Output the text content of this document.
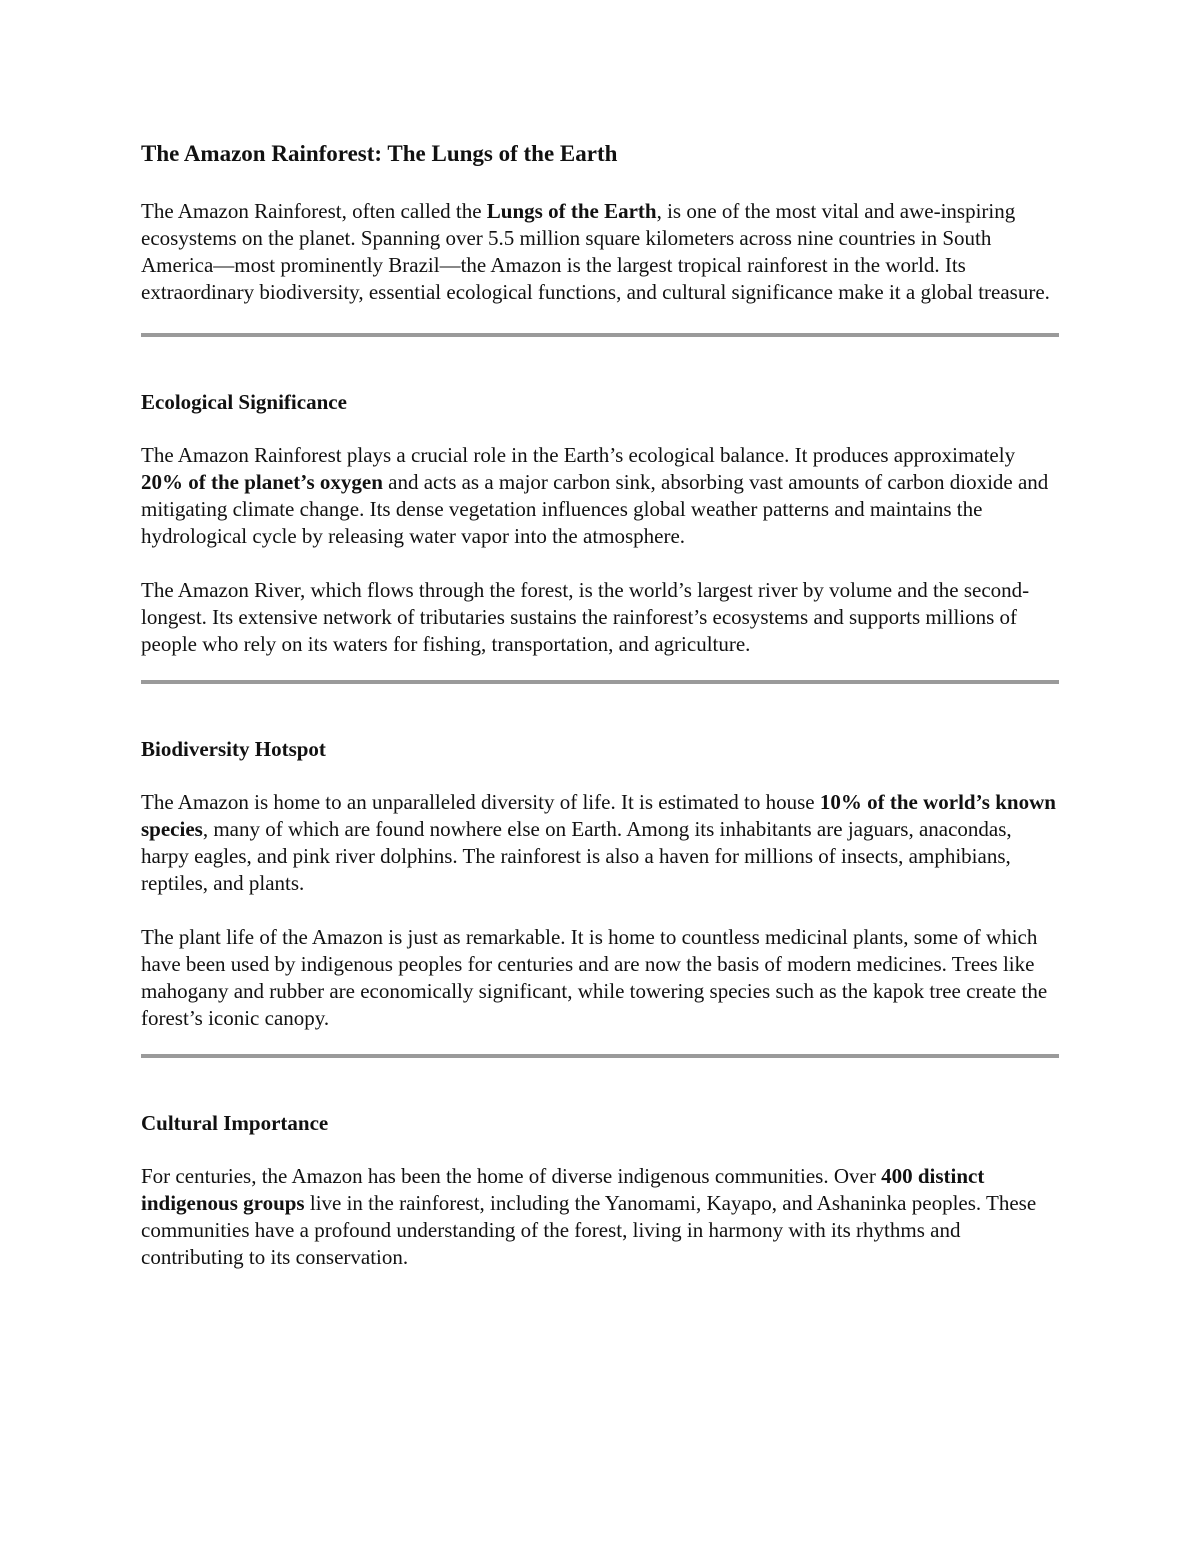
The Amazon Rainforest: The Lungs of the Earth

The Amazon Rainforest, often called the Lungs of the Earth, is one of the most vital and awe-inspiring ecosystems on the planet. Spanning over 5.5 million square kilometers across nine countries in South America—most prominently Brazil—the Amazon is the largest tropical rainforest in the world. Its extraordinary biodiversity, essential ecological functions, and cultural significance make it a global treasure.

Ecological Significance

The Amazon Rainforest plays a crucial role in the Earth’s ecological balance. It produces approximately 20% of the planet’s oxygen and acts as a major carbon sink, absorbing vast amounts of carbon dioxide and mitigating climate change. Its dense vegetation influences global weather patterns and maintains the hydrological cycle by releasing water vapor into the atmosphere.

The Amazon River, which flows through the forest, is the world’s largest river by volume and the second-longest. Its extensive network of tributaries sustains the rainforest’s ecosystems and supports millions of people who rely on its waters for fishing, transportation, and agriculture.

Biodiversity Hotspot

The Amazon is home to an unparalleled diversity of life. It is estimated to house 10% of the world’s known species, many of which are found nowhere else on Earth. Among its inhabitants are jaguars, anacondas, harpy eagles, and pink river dolphins. The rainforest is also a haven for millions of insects, amphibians, reptiles, and plants.

The plant life of the Amazon is just as remarkable. It is home to countless medicinal plants, some of which have been used by indigenous peoples for centuries and are now the basis of modern medicines. Trees like mahogany and rubber are economically significant, while towering species such as the kapok tree create the forest’s iconic canopy.

Cultural Importance

For centuries, the Amazon has been the home of diverse indigenous communities. Over 400 distinct indigenous groups live in the rainforest, including the Yanomami, Kayapo, and Ashaninka peoples. These communities have a profound understanding of the forest, living in harmony with its rhythms and contributing to its conservation.
